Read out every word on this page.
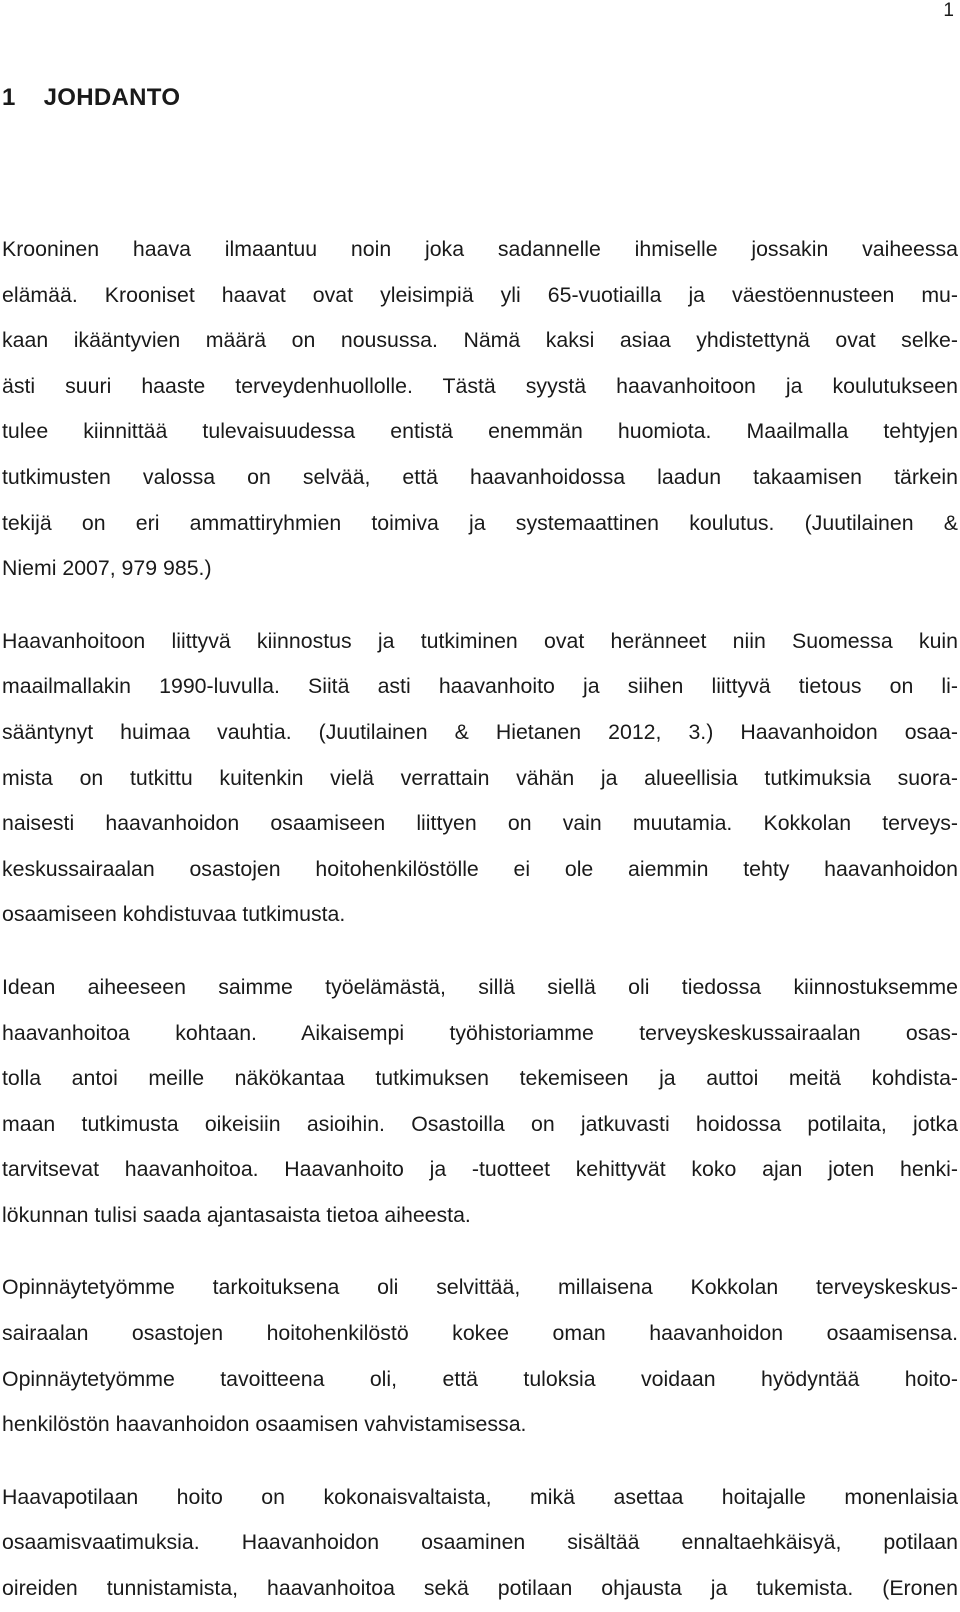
1
1 JOHDANTO

Krooninen haava ilmaantuu noin joka sadannelle ihmiselle jossakin vaiheessa
elämää. Krooniset haavat ovat yleisimpiä yli 65-vuotiailla ja väestöennusteen mu-
kaan ikääntyvien määrä on nousussa. Nämä kaksi asiaa yhdistettynä ovat selke-
ästi suuri haaste terveydenhuollolle. Tästä syystä haavanhoitoon ja koulutukseen
tulee kiinnittää tulevaisuudessa entistä enemmän huomiota. Maailmalla tehtyjen
tutkimusten valossa on selvää, että haavanhoidossa laadun takaamisen tärkein
tekijä on eri ammattiryhmien toimiva ja systemaattinen koulutus. (Juutilainen &
Niemi 2007, 979 985.)

Haavanhoitoon liittyvä kiinnostus ja tutkiminen ovat heränneet niin Suomessa kuin
maailmallakin 1990-luvulla. Siitä asti haavanhoito ja siihen liittyvä tietous on li-
sääntynyt huimaa vauhtia. (Juutilainen & Hietanen 2012, 3.) Haavanhoidon osaa-
mista on tutkittu kuitenkin vielä verrattain vähän ja alueellisia tutkimuksia suora-
naisesti haavanhoidon osaamiseen liittyen on vain muutamia. Kokkolan terveys-
keskussairaalan osastojen hoitohenkilöstölle ei ole aiemmin tehty haavanhoidon
osaamiseen kohdistuvaa tutkimusta.

Idean aiheeseen saimme työelämästä, sillä siellä oli tiedossa kiinnostuksemme
haavanhoitoa kohtaan. Aikaisempi työhistoriamme terveyskeskussairaalan osas-
tolla antoi meille näkökantaa tutkimuksen tekemiseen ja auttoi meitä kohdista-
maan tutkimusta oikeisiin asioihin. Osastoilla on jatkuvasti hoidossa potilaita, jotka
tarvitsevat haavanhoitoa. Haavanhoito ja -tuotteet kehittyvät koko ajan joten henki-
lökunnan tulisi saada ajantasaista tietoa aiheesta.

Opinnäytetyömme tarkoituksena oli selvittää, millaisena Kokkolan terveyskeskus-
sairaalan osastojen hoitohenkilöstö kokee oman haavanhoidon osaamisensa.
Opinnäytetyömme tavoitteena oli, että tuloksia voidaan hyödyntää hoito-
henkilöstön haavanhoidon osaamisen vahvistamisessa.

Haavapotilaan hoito on kokonaisvaltaista, mikä asettaa hoitajalle monenlaisia
osaamisvaatimuksia. Haavanhoidon osaaminen sisältää ennaltaehkäisyä, potilaan
oireiden tunnistamista, haavanhoitoa sekä potilaan ohjausta ja tukemista. (Eronen
